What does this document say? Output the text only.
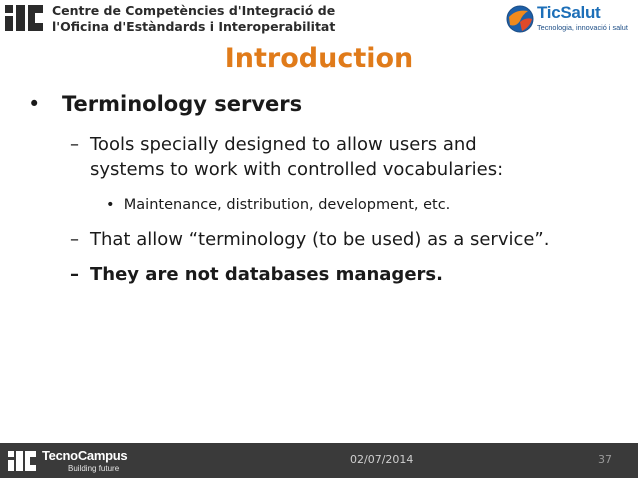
Centre de Competències d'Integració de
l'Oficina d'Estàndards i Interoperabilitat
TicSalut
Tecnologia, innovació i salut
Introduction
• Terminology servers
– Tools specially designed to allow users and
systems to work with controlled vocabularies:
• Maintenance, distribution, development, etc.
– That allow “terminology (to be used) as a service”.
– They are not databases managers.
TecnoCampus
Building future
02/07/2014	37
